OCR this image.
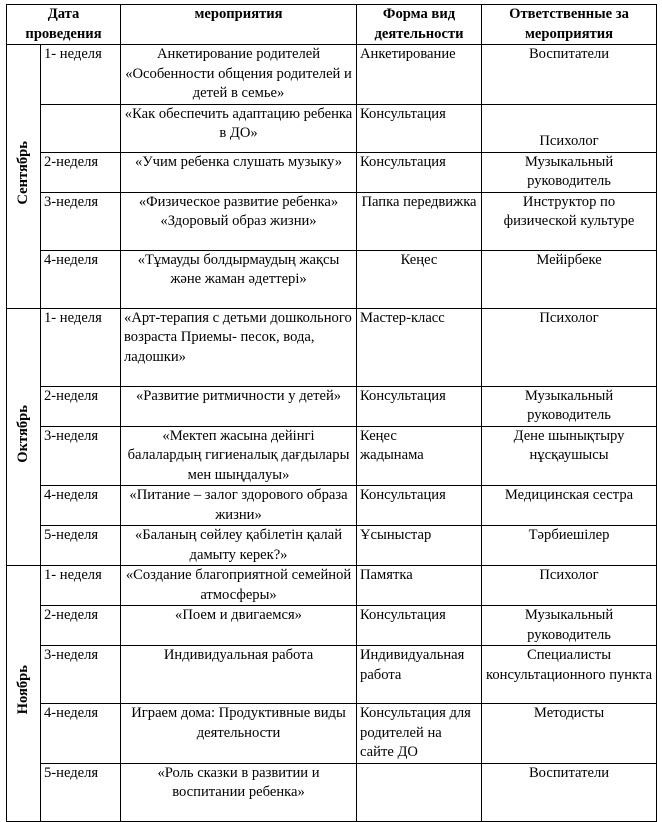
Дата проведения		мероприятия	Форма вид деятельности	Ответственные за мероприятия
Сентябрь	1- неделя	Анкетирование родителей «Особенности общения родителей и детей в семье»	Анкетирование	Воспитатели
		«Как обеспечить адаптацию ребенка в ДО»	Консультация	Психолог
	2-неделя	«Учим ребенка слушать музыку»	Консультация	Музыкальный руководитель
	3-неделя	«Физическое развитие ребенка» «Здоровый образ жизни»	Папка передвижка	Инструктор по физической культуре
	4-неделя	«Тұмауды болдырмаудың жақсы және жаман әдеттері»	Кеңес	Мейірбеке
Октябрь	1- неделя	«Арт-терапия с детьми дошкольного возраста Приемы- песок, вода, ладошки»	Мастер-класс	Психолог
	2-неделя	«Развитие ритмичности у детей»	Консультация	Музыкальный руководитель
	3-неделя	«Мектеп жасына дейінгі балалардың гигиеналық дағдылары мен шыңдалуы»	Кеңес жадынама	Дене шынықтыру нұсқаушысы
	4-неделя	«Питание – залог здорового образа жизни»	Консультация	Медицинская сестра
	5-неделя	«Баланың сөйлеу қабілетін қалай дамыту керек?»	Ұсыныстар	Тәрбиешілер
Ноябрь	1- неделя	«Создание благоприятной семейной атмосферы»	Памятка	Психолог
	2-неделя	«Поем и двигаемся»	Консультация	Музыкальный руководитель
	3-неделя	Индивидуальная работа	Индивидуальная работа	Специалисты консультационного пункта
	4-неделя	Играем дома: Продуктивные виды деятельности	Консультация для родителей на сайте ДО	Методисты
	5-неделя	«Роль сказки в развитии и воспитании ребенка»		Воспитатели
